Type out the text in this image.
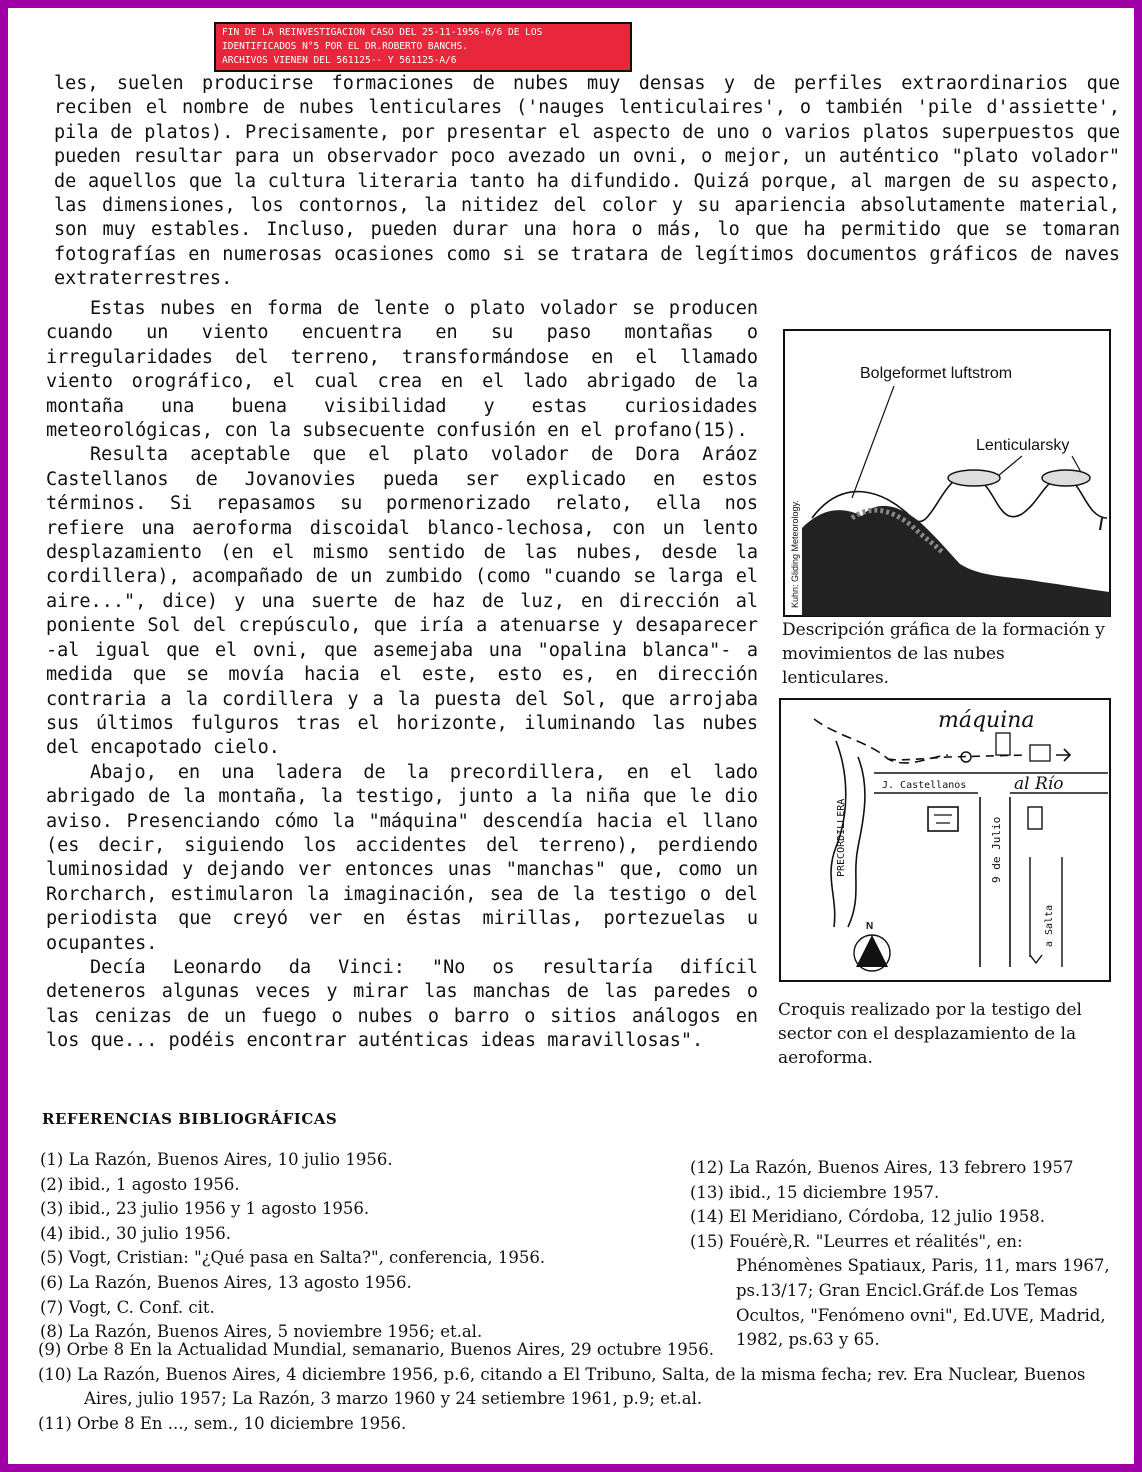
FIN DE LA REINVESTIGACION CASO DEL 25-11-1956-6/6 DE LOS
IDENTIFICADOS N°5 POR EL DR.ROBERTO BANCHS.
ARCHIVOS VIENEN DEL 561125-- Y 561125-A/6

les, suelen producirse formaciones de nubes muy densas y de perfiles extraordinarios que reciben el nombre de nubes lenticulares ('nauges lenticulaires', o también 'pile d'assiette', pila de platos). Precisamente, por presentar el aspecto de uno o varios platos superpuestos que pueden resultar para un observador poco avezado un ovni, o mejor, un auténtico "plato volador" de aquellos que la cultura literaria tanto ha difundido. Quizá porque, al margen de su aspecto, las dimensiones, los contornos, la nitidez del color y su apariencia absolutamente material, son muy estables. Incluso, pueden durar una hora o más, lo que ha permitido que se tomaran fotografías en numerosas ocasiones como si se tratara de legítimos documentos gráficos de naves extraterrestres.

Estas nubes en forma de lente o plato volador se producen cuando un viento encuentra en su paso montañas o irregularidades del terreno, transformándose en el llamado viento orográfico, el cual crea en el lado abrigado de la montaña una buena visibilidad y estas curiosidades meteorológicas, con la subsecuente confusión en el profano(15).

Resulta aceptable que el plato volador de Dora Aráoz Castellanos de Jovanovies pueda ser explicado en estos términos. Si repasamos su pormenorizado relato, ella nos refiere una aeroforma discoidal blanco-lechosa, con un lento desplazamiento (en el mismo sentido de las nubes, desde la cordillera), acompañado de un zumbido (como "cuando se larga el aire...", dice) y una suerte de haz de luz, en dirección al poniente Sol del crepúsculo, que iría a atenuarse y desaparecer -al igual que el ovni, que asemejaba una "opalina blanca"- a medida que se movía hacia el este, esto es, en dirección contraria a la cordillera y a la puesta del Sol, que arrojaba sus últimos fulguros tras el horizonte, iluminando las nubes del encapotado cielo.

Abajo, en una ladera de la precordillera, en el lado abrigado de la montaña, la testigo, junto a la niña que le dio aviso. Presenciando cómo la "máquina" descendía hacia el llano (es decir, siguiendo los accidentes del terreno), perdiendo luminosidad y dejando ver entonces unas "manchas" que, como un Rorcharch, estimularon la imaginación, sea de la testigo o del periodista que creyó ver en éstas mirillas, portezuelas u ocupantes.

Decía Leonardo da Vinci: "No os resultaría difícil deteneros algunas veces y mirar las manchas de las paredes o las cenizas de un fuego o nubes o barro o sitios análogos en los que... podéis encontrar auténticas ideas maravillosas".

Bolgeformet luftstrom
Lenticularsky
Kuhn: Gliding Meteorology.
Descripción gráfica de la formación y movimientos de las nubes lenticulares.
máquina
J. Castellanos	al Río
PRECORDILLERA	9 de Julio
a Salta
N
Croquis realizado por la testigo del sector con el desplazamiento de la aeroforma.
REFERENCIAS BIBLIOGRÁFICAS
(1) La Razón, Buenos Aires, 10 julio 1956.
(2) ibid., 1 agosto 1956.
(3) ibid., 23 julio 1956 y 1 agosto 1956.
(4) ibid., 30 julio 1956.
(5) Vogt, Cristian: "¿Qué pasa en Salta?", conferencia, 1956.
(6) La Razón, Buenos Aires, 13 agosto 1956.
(7) Vogt, C. Conf. cit.
(8) La Razón, Buenos Aires, 5 noviembre 1956; et.al.
(12) La Razón, Buenos Aires, 13 febrero 1957
(13) ibid., 15 diciembre 1957.
(14) El Meridiano, Córdoba, 12 julio 1958.
(15) Fouérè,R. "Leurres et réalités", en: Phénomènes Spatiaux, Paris, 11, mars 1967, ps.13/17; Gran Encicl.Gráf.de Los Temas Ocultos, "Fenómeno ovni", Ed.UVE, Madrid, 1982, ps.63 y 65.
(9) Orbe 8 En la Actualidad Mundial, semanario, Buenos Aires, 29 octubre 1956.
(10) La Razón, Buenos Aires, 4 diciembre 1956, p.6, citando a El Tribuno, Salta, de la misma fecha; rev. Era Nuclear, Buenos Aires, julio 1957; La Razón, 3 marzo 1960 y 24 setiembre 1961, p.9; et.al.
(11) Orbe 8 En ..., sem., 10 diciembre 1956.
